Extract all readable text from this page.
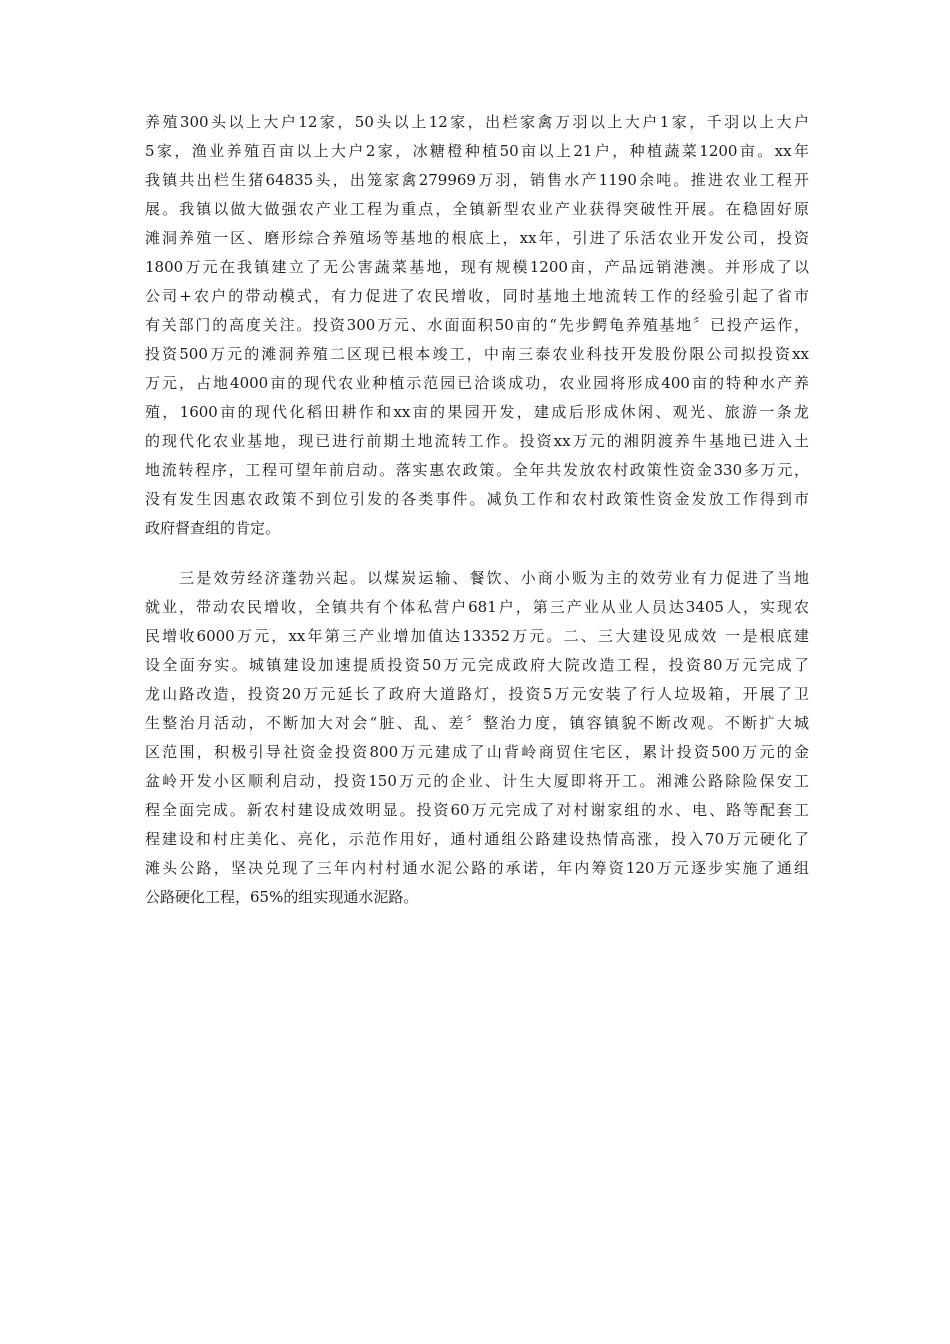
养殖300头以上大户12家，50头以上12家，出栏家禽万羽以上大户1家，千羽以上大户
5家，渔业养殖百亩以上大户2家，冰糖橙种植50亩以上21户，种植蔬菜1200亩。xx年
我镇共出栏生猪64835头，出笼家禽279969万羽，销售水产1190余吨。推进农业工程开
展。我镇以做大做强农产业工程为重点，全镇新型农业产业获得突破性开展。在稳固好原
滩洞养殖一区、磨形综合养殖场等基地的根底上，xx年，引进了乐活农业开发公司，投资
1800万元在我镇建立了无公害蔬菜基地，现有规模1200亩，产品远销港澳。并形成了以
公司+农户的带动模式，有力促进了农民增收，同时基地土地流转工作的经验引起了省市
有关部门的高度关注。投资300万元、水面面积50亩的“先步鳄龟养殖基地〞已投产运作，
投资500万元的滩洞养殖二区现已根本竣工，中南三泰农业科技开发股份限公司拟投资xx
万元，占地4000亩的现代农业种植示范园已洽谈成功，农业园将形成400亩的特种水产养
殖，1600亩的现代化稻田耕作和xx亩的果园开发，建成后形成休闲、观光、旅游一条龙
的现代化农业基地，现已进行前期土地流转工作。投资xx万元的湘阴渡养牛基地已进入土
地流转程序，工程可望年前启动。落实惠农政策。全年共发放农村政策性资金330多万元，
没有发生因惠农政策不到位引发的各类事件。减负工作和农村政策性资金发放工作得到市
政府督查组的肯定。
　　三是效劳经济蓬勃兴起。以煤炭运输、餐饮、小商小贩为主的效劳业有力促进了当地
就业，带动农民增收，全镇共有个体私营户681户，第三产业从业人员达3405人，实现农
民增收6000万元，xx年第三产业增加值达13352万元。二、三大建设见成效 一是根底建
设全面夯实。城镇建设加速提质投资50万元完成政府大院改造工程，投资80万元完成了
龙山路改造，投资20万元延长了政府大道路灯，投资5万元安装了行人垃圾箱，开展了卫
生整治月活动，不断加大对会“脏、乱、差〞整治力度，镇容镇貌不断改观。不断扩大城
区范围，积极引导社资金投资800万元建成了山背岭商贸住宅区，累计投资500万元的金
盆岭开发小区顺利启动，投资150万元的企业、计生大厦即将开工。湘滩公路除险保安工
程全面完成。新农村建设成效明显。投资60万元完成了对村谢家组的水、电、路等配套工
程建设和村庄美化、亮化，示范作用好，通村通组公路建设热情高涨，投入70万元硬化了
滩头公路，坚决兑现了三年内村村通水泥公路的承诺，年内筹资120万元逐步实施了通组
公路硬化工程，65%的组实现通水泥路。
